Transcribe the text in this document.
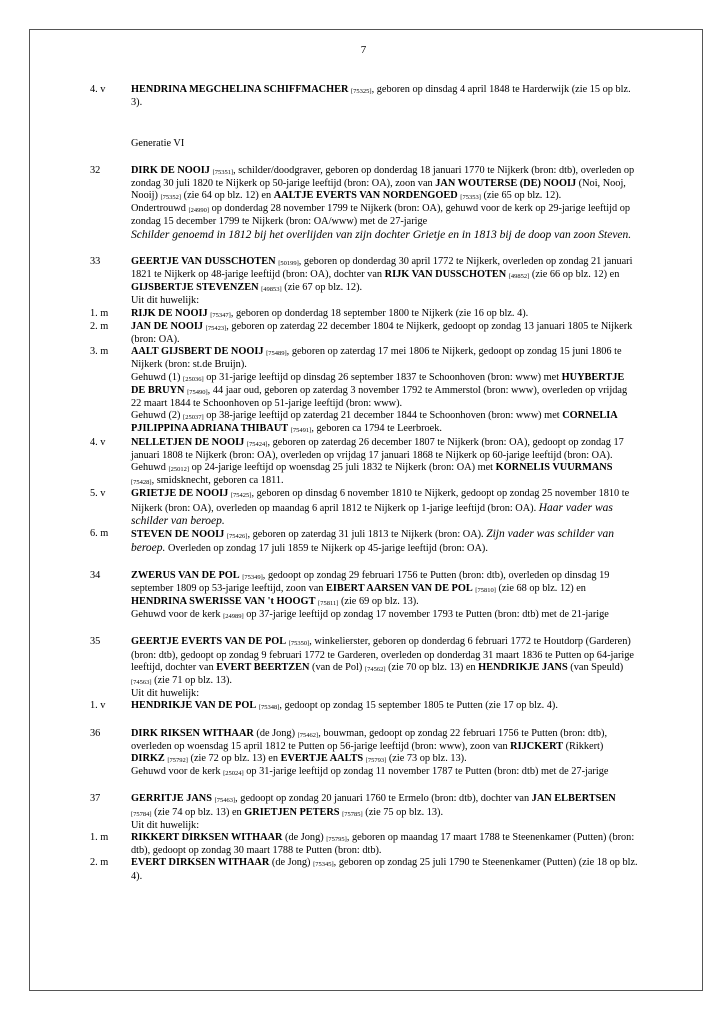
7
4. v HENDRINA MEGCHELINA SCHIFFMACHER [75325], geboren op dinsdag 4 april 1848 te Harderwijk (zie 15 op blz. 3).
Generatie VI
32	DIRK DE NOOIJ [75351], schilder/doodgraver, geboren op donderdag 18 januari 1770 te Nijkerk (bron: dtb), overleden op zondag 30 juli 1820 te Nijkerk op 50-jarige leeftijd (bron: OA), zoon van JAN WOUTERSE (DE) NOOIJ (Noi, Nooj, Nooij) [75352] (zie 64 op blz. 12) en AALTJE EVERTS VAN NORDENGOED [75353] (zie 65 op blz. 12).
Ondertrouwd [24990] op donderdag 28 november 1799 te Nijkerk (bron: OA), gehuwd voor de kerk op 29-jarige leeftijd op zondag 15 december 1799 te Nijkerk (bron: OA/www) met de 27-jarige
Schilder genoemd in 1812 bij het overlijden van zijn dochter Grietje en in 1813 bij de doop van zoon Steven.
33	GEERTJE VAN DUSSCHOTEN [50199], geboren op donderdag 30 april 1772 te Nijkerk, overleden op zondag 21 januari 1821 te Nijkerk op 48-jarige leeftijd (bron: OA), dochter van RIJK VAN DUSSCHOTEN [49852] (zie 66 op blz. 12) en GIJSBERTJE STEVENZEN [49853] (zie 67 op blz. 12).
Uit dit huwelijk:
1. m RIJK DE NOOIJ [75347], geboren op donderdag 18 september 1800 te Nijkerk (zie 16 op blz. 4).
2. m JAN DE NOOIJ [75423], geboren op zaterdag 22 december 1804 te Nijkerk, gedoopt op zondag 13 januari 1805 te Nijkerk (bron: OA).
3. m AALT GIJSBERT DE NOOIJ [75489], geboren op zaterdag 17 mei 1806 te Nijkerk, gedoopt op zondag 15 juni 1806 te Nijkerk (bron: st.de Bruijn).
Gehuwd (1) [25036] op 31-jarige leeftijd op dinsdag 26 september 1837 te Schoonhoven (bron: www) met HUYBERTJE DE BRUYN [75490], 44 jaar oud, geboren op zaterdag 3 november 1792 te Ammerstol (bron: www), overleden op vrijdag 22 maart 1844 te Schoonhoven op 51-jarige leeftijd (bron: www).
Gehuwd (2) [25037] op 38-jarige leeftijd op zaterdag 21 december 1844 te Schoonhoven (bron: www) met CORNELIA PJILIPPINA ADRIANA THIBAUT [75491], geboren ca 1794 te Leerbroek.
4. v NELLETJEN DE NOOIJ [75424], geboren op zaterdag 26 december 1807 te Nijkerk (bron: OA), gedoopt op zondag 17 januari 1808 te Nijkerk (bron: OA), overleden op vrijdag 17 januari 1868 te Nijkerk op 60-jarige leeftijd (bron: OA).
Gehuwd [25012] op 24-jarige leeftijd op woensdag 25 juli 1832 te Nijkerk (bron: OA) met KORNELIS VUURMANS [75428], smidsknecht, geboren ca 1811.
5. v GRIETJE DE NOOIJ [75425], geboren op dinsdag 6 november 1810 te Nijkerk, gedoopt op zondag 25 november 1810 te Nijkerk (bron: OA), overleden op maandag 6 april 1812 te Nijkerk op 1-jarige leeftijd (bron: OA). Haar vader was schilder van beroep.
6. m STEVEN DE NOOIJ [75426], geboren op zaterdag 31 juli 1813 te Nijkerk (bron: OA). Zijn vader was schilder van beroep. Overleden op zondag 17 juli 1859 te Nijkerk op 45-jarige leeftijd (bron: OA).
34	ZWERUS VAN DE POL [75349], gedoopt op zondag 29 februari 1756 te Putten (bron: dtb), overleden op dinsdag 19 september 1809 op 53-jarige leeftijd, zoon van EIBERT AARSEN VAN DE POL [75810] (zie 68 op blz. 12) en HENDRINA SWERISSE VAN 't HOOGT [75811] (zie 69 op blz. 13).
Gehuwd voor de kerk [24989] op 37-jarige leeftijd op zondag 17 november 1793 te Putten (bron: dtb) met de 21-jarige
35	GEERTJE EVERTS VAN DE POL [75350], winkelierster, geboren op donderdag 6 februari 1772 te Houtdorp (Garderen) (bron: dtb), gedoopt op zondag 9 februari 1772 te Garderen, overleden op donderdag 31 maart 1836 te Putten op 64-jarige leeftijd, dochter van EVERT BEERTZEN (van de Pol) [74562] (zie 70 op blz. 13) en HENDRIKJE JANS (van Speuld) [74563] (zie 71 op blz. 13).
Uit dit huwelijk:
1. v HENDRIKJE VAN DE POL [75348], gedoopt op zondag 15 september 1805 te Putten (zie 17 op blz. 4).
36	DIRK RIKSEN WITHAAR (de Jong) [75462], bouwman, gedoopt op zondag 22 februari 1756 te Putten (bron: dtb), overleden op woensdag 15 april 1812 te Putten op 56-jarige leeftijd (bron: www), zoon van RIJCKERT (Rikkert) DIRKZ [75792] (zie 72 op blz. 13) en EVERTJE AALTS [75793] (zie 73 op blz. 13).
Gehuwd voor de kerk [25024] op 31-jarige leeftijd op zondag 11 november 1787 te Putten (bron: dtb) met de 27-jarige
37	GERRITJE JANS [75463], gedoopt op zondag 20 januari 1760 te Ermelo (bron: dtb), dochter van JAN ELBERTSEN [75784] (zie 74 op blz. 13) en GRIETJEN PETERS [75785] (zie 75 op blz. 13).
Uit dit huwelijk:
1. m RIKKERT DIRKSEN WITHAAR (de Jong) [75795], geboren op maandag 17 maart 1788 te Steenenkamer (Putten) (bron: dtb), gedoopt op zondag 30 maart 1788 te Putten (bron: dtb).
2. m EVERT DIRKSEN WITHAAR (de Jong) [75345], geboren op zondag 25 juli 1790 te Steenenkamer (Putten) (zie 18 op blz. 4).
